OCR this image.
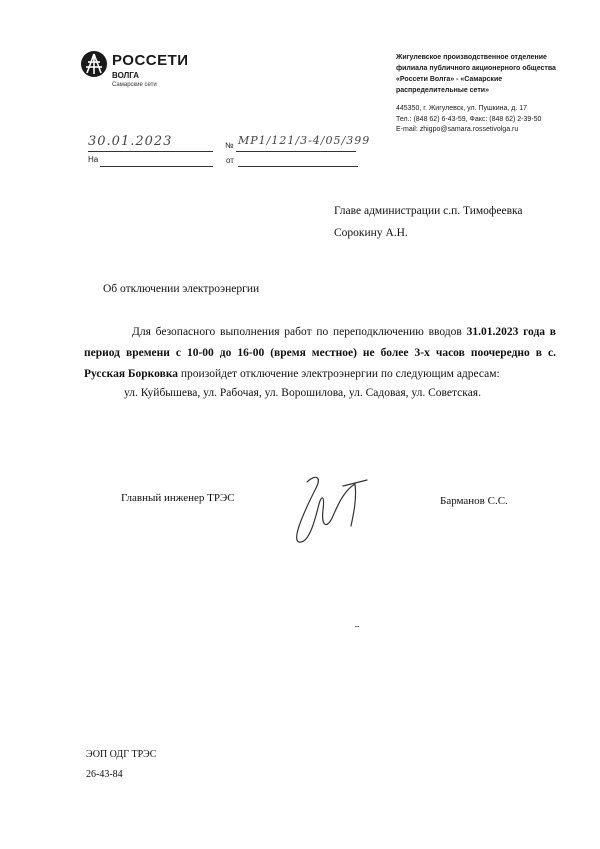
РОССЕТИ
ВОЛГА
Самарские сети
Жигулевское производственное отделение
филиала публичного акционерного общества
«Россети Волга» - «Самарские
распределительные сети»
445350, г. Жигулевск, ул. Пушкина, д. 17
Тел.: (848 62) 6-43-59, Факс: (848 62) 2-39-50
E-mail: zhigpo@samara.rossetivolga.ru
30.01.2023
На
№ МР1/121/3-4/05/399
от
Главе администрации с.п. Тимофеевка
Сорокину А.Н.
Об отключении электроэнергии
Для безопасного выполнения работ по переподключению вводов 31.01.2023 года в период времени с 10-00 до 16-00 (время местное) не более 3-х часов поочередно в с. Русская Борковка произойдет отключение электроэнергии по следующим адресам:
ул. Куйбышева, ул. Рабочая, ул. Ворошилова, ул. Садовая, ул. Советская.
Главный инженер ТРЭС	Барманов С.С.
ЭОП ОДГ ТРЭС
26-43-84
